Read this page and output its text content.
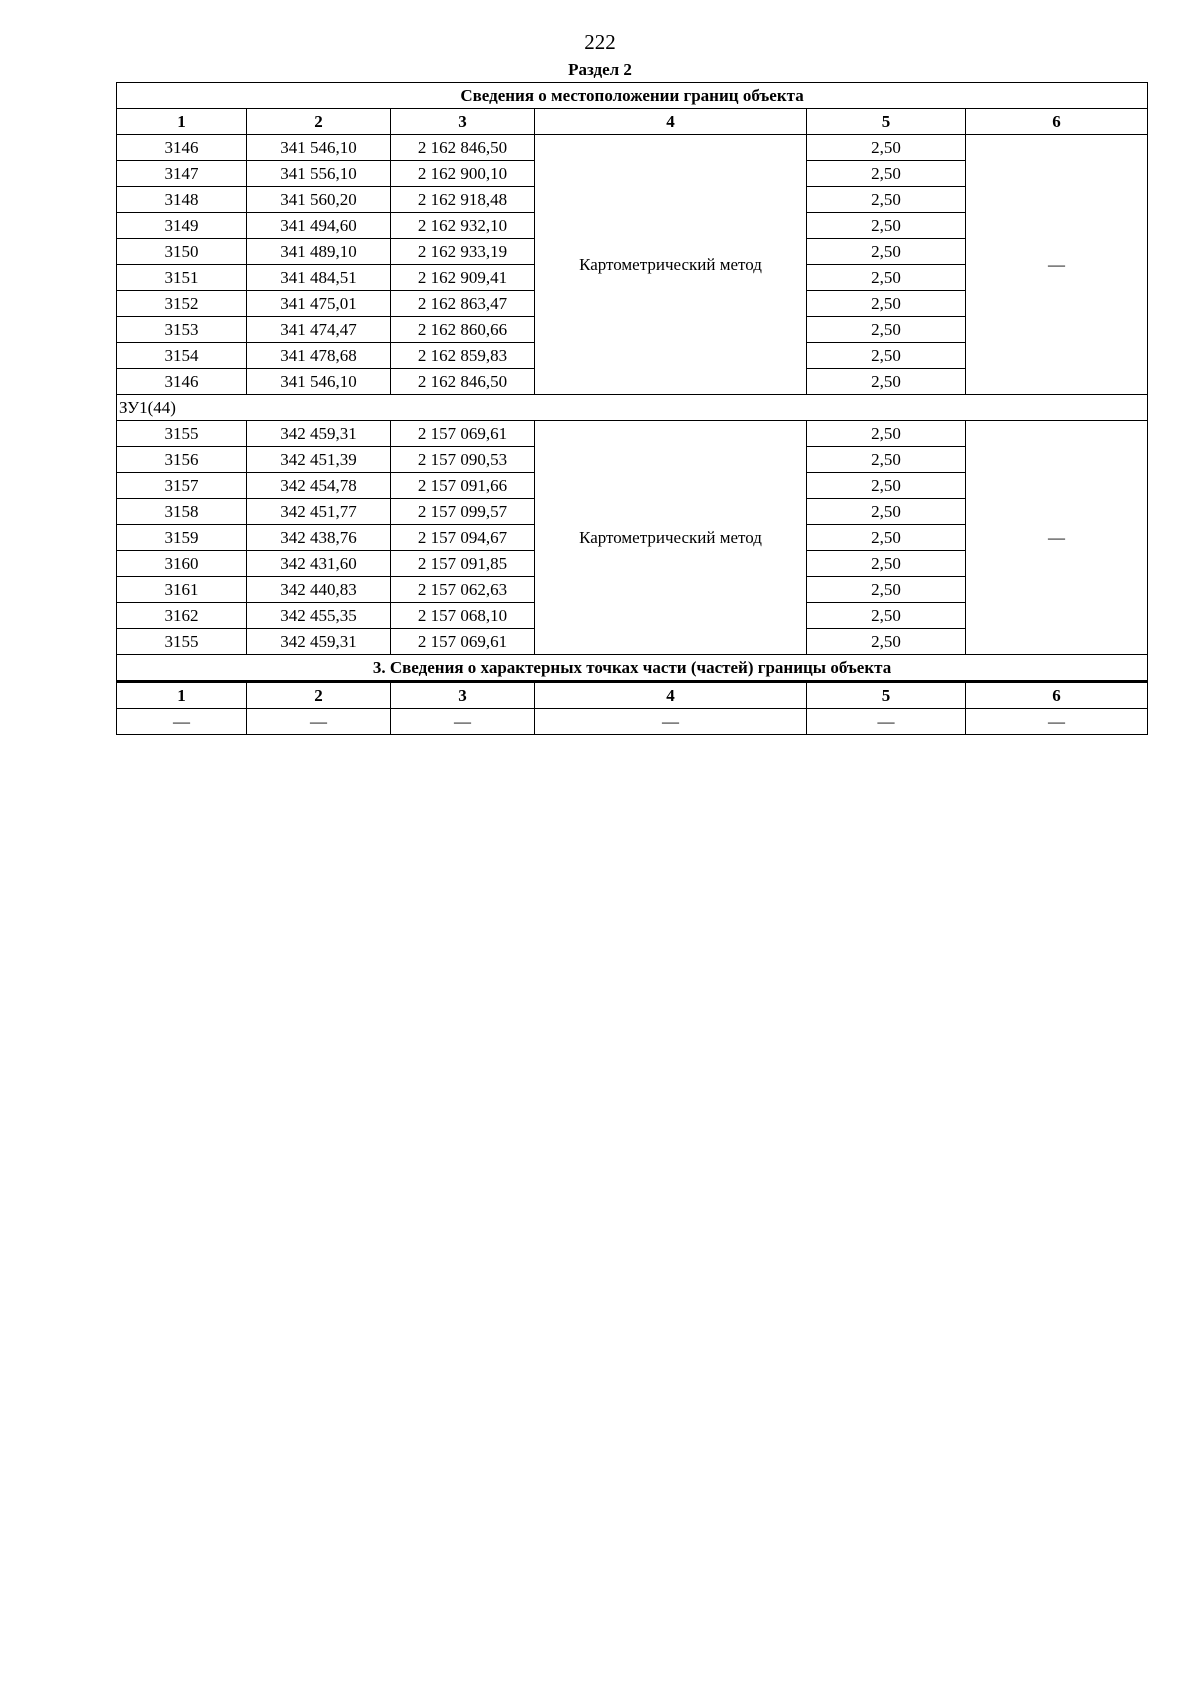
222
Раздел 2
Сведения о местоположении границ объекта					
1	2	3	4	5	6
3146	341 546,10	2 162 846,50	Картометрический метод	2,50	—
3147	341 556,10	2 162 900,10		2,50	
3148	341 560,20	2 162 918,48		2,50	
3149	341 494,60	2 162 932,10		2,50	
3150	341 489,10	2 162 933,19		2,50	
3151	341 484,51	2 162 909,41		2,50	
3152	341 475,01	2 162 863,47		2,50	
3153	341 474,47	2 162 860,66		2,50	
3154	341 478,68	2 162 859,83		2,50	
3146	341 546,10	2 162 846,50		2,50	
ЗУ1(44)					
3155	342 459,31	2 157 069,61	Картометрический метод	2,50	—
3156	342 451,39	2 157 090,53		2,50	
3157	342 454,78	2 157 091,66		2,50	
3158	342 451,77	2 157 099,57		2,50	
3159	342 438,76	2 157 094,67		2,50	
3160	342 431,60	2 157 091,85		2,50	
3161	342 440,83	2 157 062,63		2,50	
3162	342 455,35	2 157 068,10		2,50	
3155	342 459,31	2 157 069,61		2,50	
3. Сведения о характерных точках части (частей) границы объекта					
1	2	3	4	5	6
—	—	—	—	—	—
